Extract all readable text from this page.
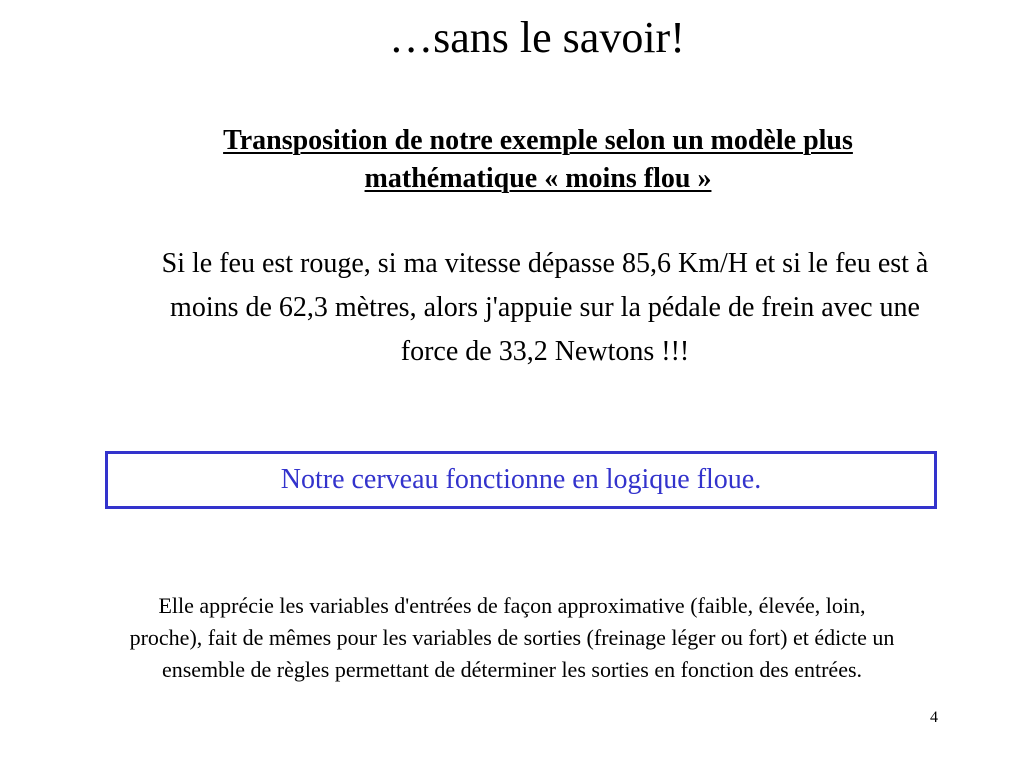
…sans le savoir!
Transposition de notre exemple selon un modèle plus
mathématique « moins flou »
Si le feu est rouge, si ma vitesse dépasse 85,6 Km/H et si le feu est à
moins de 62,3 mètres, alors j'appuie sur la pédale de frein avec une
force de 33,2 Newtons !!!
Notre cerveau fonctionne en logique floue.
Elle apprécie les variables d'entrées de façon approximative (faible, élevée, loin,
proche), fait de mêmes pour les variables de sorties (freinage léger ou fort) et édicte un
ensemble de règles permettant de déterminer les sorties en fonction des entrées.
4
